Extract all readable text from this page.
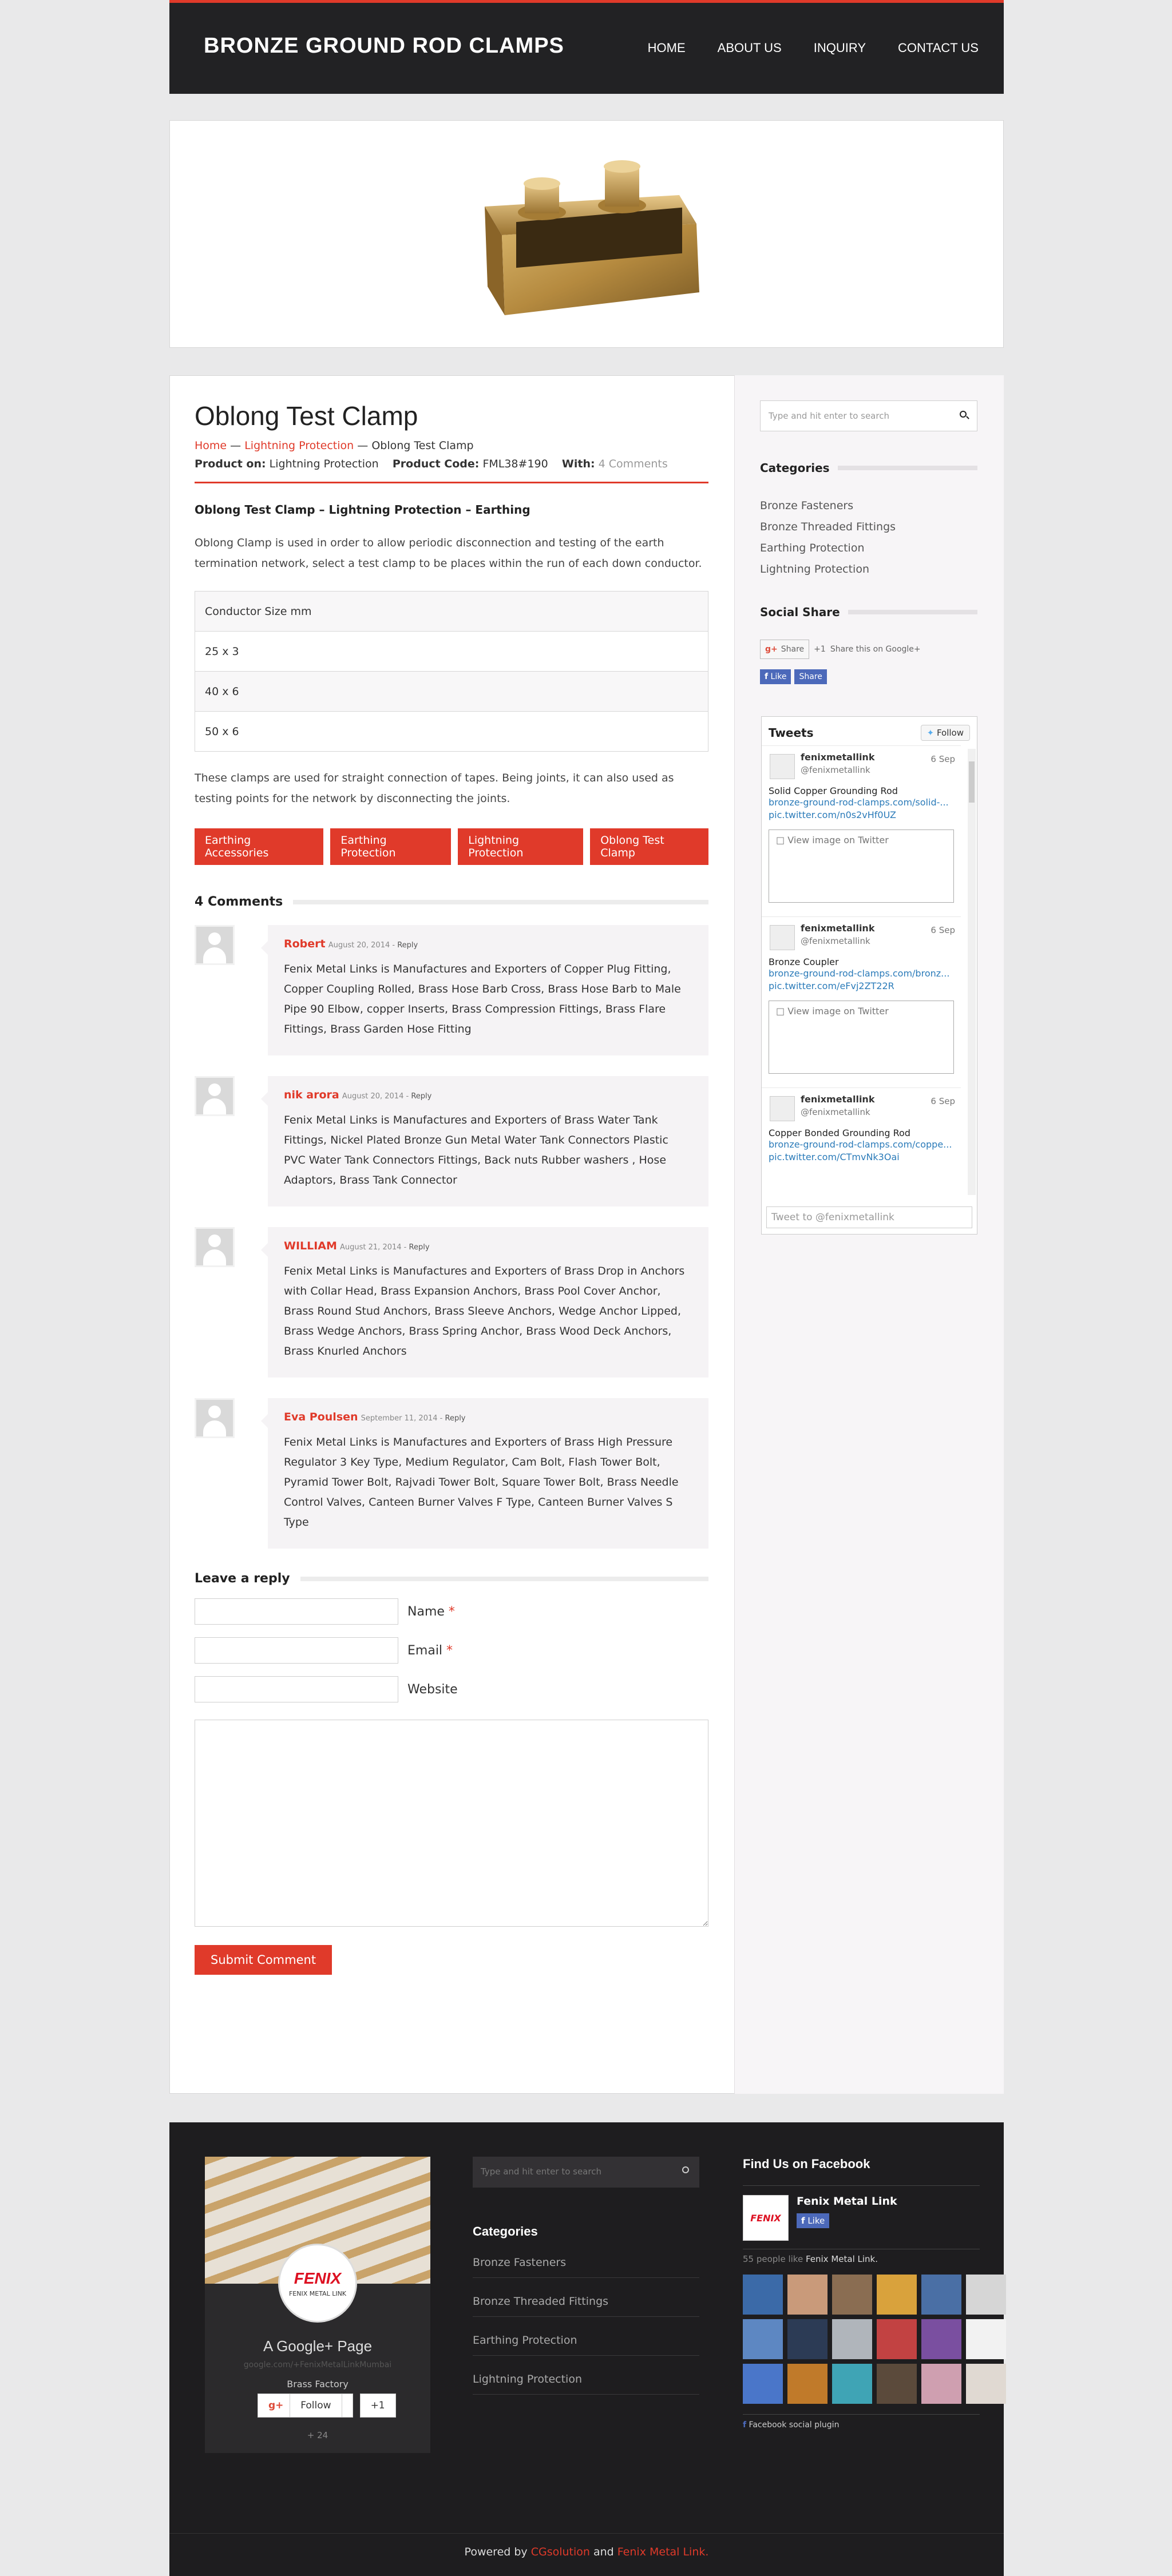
BRONZE GROUND ROD CLAMPS	HOME	ABOUT US	INQUIRY	CONTACT US
Oblong Test Clamp
Home — Lightning Protection — Oblong Test Clamp
Product on: Lightning Protection Product Code: FML38#190 With: 4 Comments
Oblong Test Clamp – Lightning Protection – Earthing

Oblong Clamp is used in order to allow periodic disconnection and testing of the earth termination network, select a test clamp to be places within the run of each down conductor.

Conductor Size mm
25 x 3
40 x 6
50 x 6

These clamps are used for straight connection of tapes. Being joints, it can also used as testing points for the network by disconnecting the joints.

Earthing Accessories
Earthing Protection
Lightning Protection
Oblong Test Clamp
4 Comments
Robert August 20, 2014 - Reply
Fenix Metal Links is Manufactures and Exporters of Copper Plug Fitting, Copper Coupling Rolled, Brass Hose Barb Cross, Brass Hose Barb to Male Pipe 90 Elbow, copper Inserts, Brass Compression Fittings, Brass Flare Fittings, Brass Garden Hose Fitting
nik arora August 20, 2014 - Reply
Fenix Metal Links is Manufactures and Exporters of Brass Water Tank Fittings, Nickel Plated Bronze Gun Metal Water Tank Connectors Plastic PVC Water Tank Connectors Fittings, Back nuts Rubber washers , Hose Adaptors, Brass Tank Connector
WILLIAM August 21, 2014 - Reply
Fenix Metal Links is Manufactures and Exporters of Brass Drop in Anchors with Collar Head, Brass Expansion Anchors, Brass Pool Cover Anchor, Brass Round Stud Anchors, Brass Sleeve Anchors, Wedge Anchor Lipped, Brass Wedge Anchors, Brass Spring Anchor, Brass Wood Deck Anchors, Brass Knurled Anchors
Eva Poulsen September 11, 2014 - Reply
Fenix Metal Links is Manufactures and Exporters of Brass High Pressure Regulator 3 Key Type, Medium Regulator, Cam Bolt, Flash Tower Bolt, Pyramid Tower Bolt, Rajvadi Tower Bolt, Square Tower Bolt, Brass Needle Control Valves, Canteen Burner Valves F Type, Canteen Burner Valves S Type
Leave a reply
Name *
Email *
Website
Submit Comment
Type and hit enter to search
Categories
Bronze Fasteners
Bronze Threaded Fittings
Earthing Protection
Lightning Protection
Social Share
g+ Share +1 Share this on Google+
f Like Share
Tweets	✦ Follow
fenixmetallink
@fenixmetallink
6 Sep
Solid Copper Grounding Rod
bronze-ground-rod-clamps.com/solid-...
pic.twitter.com/n0s2vHf0UZ
□ View image on Twitter
fenixmetallink
@fenixmetallink
6 Sep
Bronze Coupler
bronze-ground-rod-clamps.com/bronz...
pic.twitter.com/eFvj2ZT22R
□ View image on Twitter
fenixmetallink
@fenixmetallink
6 Sep
Copper Bonded Grounding Rod
bronze-ground-rod-clamps.com/coppe...
pic.twitter.com/CTmvNk3Oai
Tweet to @fenixmetallink
FENIX
FENIX METAL LINK
A Google+ Page
google.com/+FenixMetalLinkMumbai
Brass Factory
g+ Follow	+1
+ 24
Type and hit enter to search
Categories
Bronze Fasteners
Bronze Threaded Fittings
Earthing Protection
Lightning Protection
Find Us on Facebook
FENIX
Fenix Metal Link
f Like
55 people like Fenix Metal Link.
f Facebook social plugin
Powered by CGsolution and Fenix Metal Link.
